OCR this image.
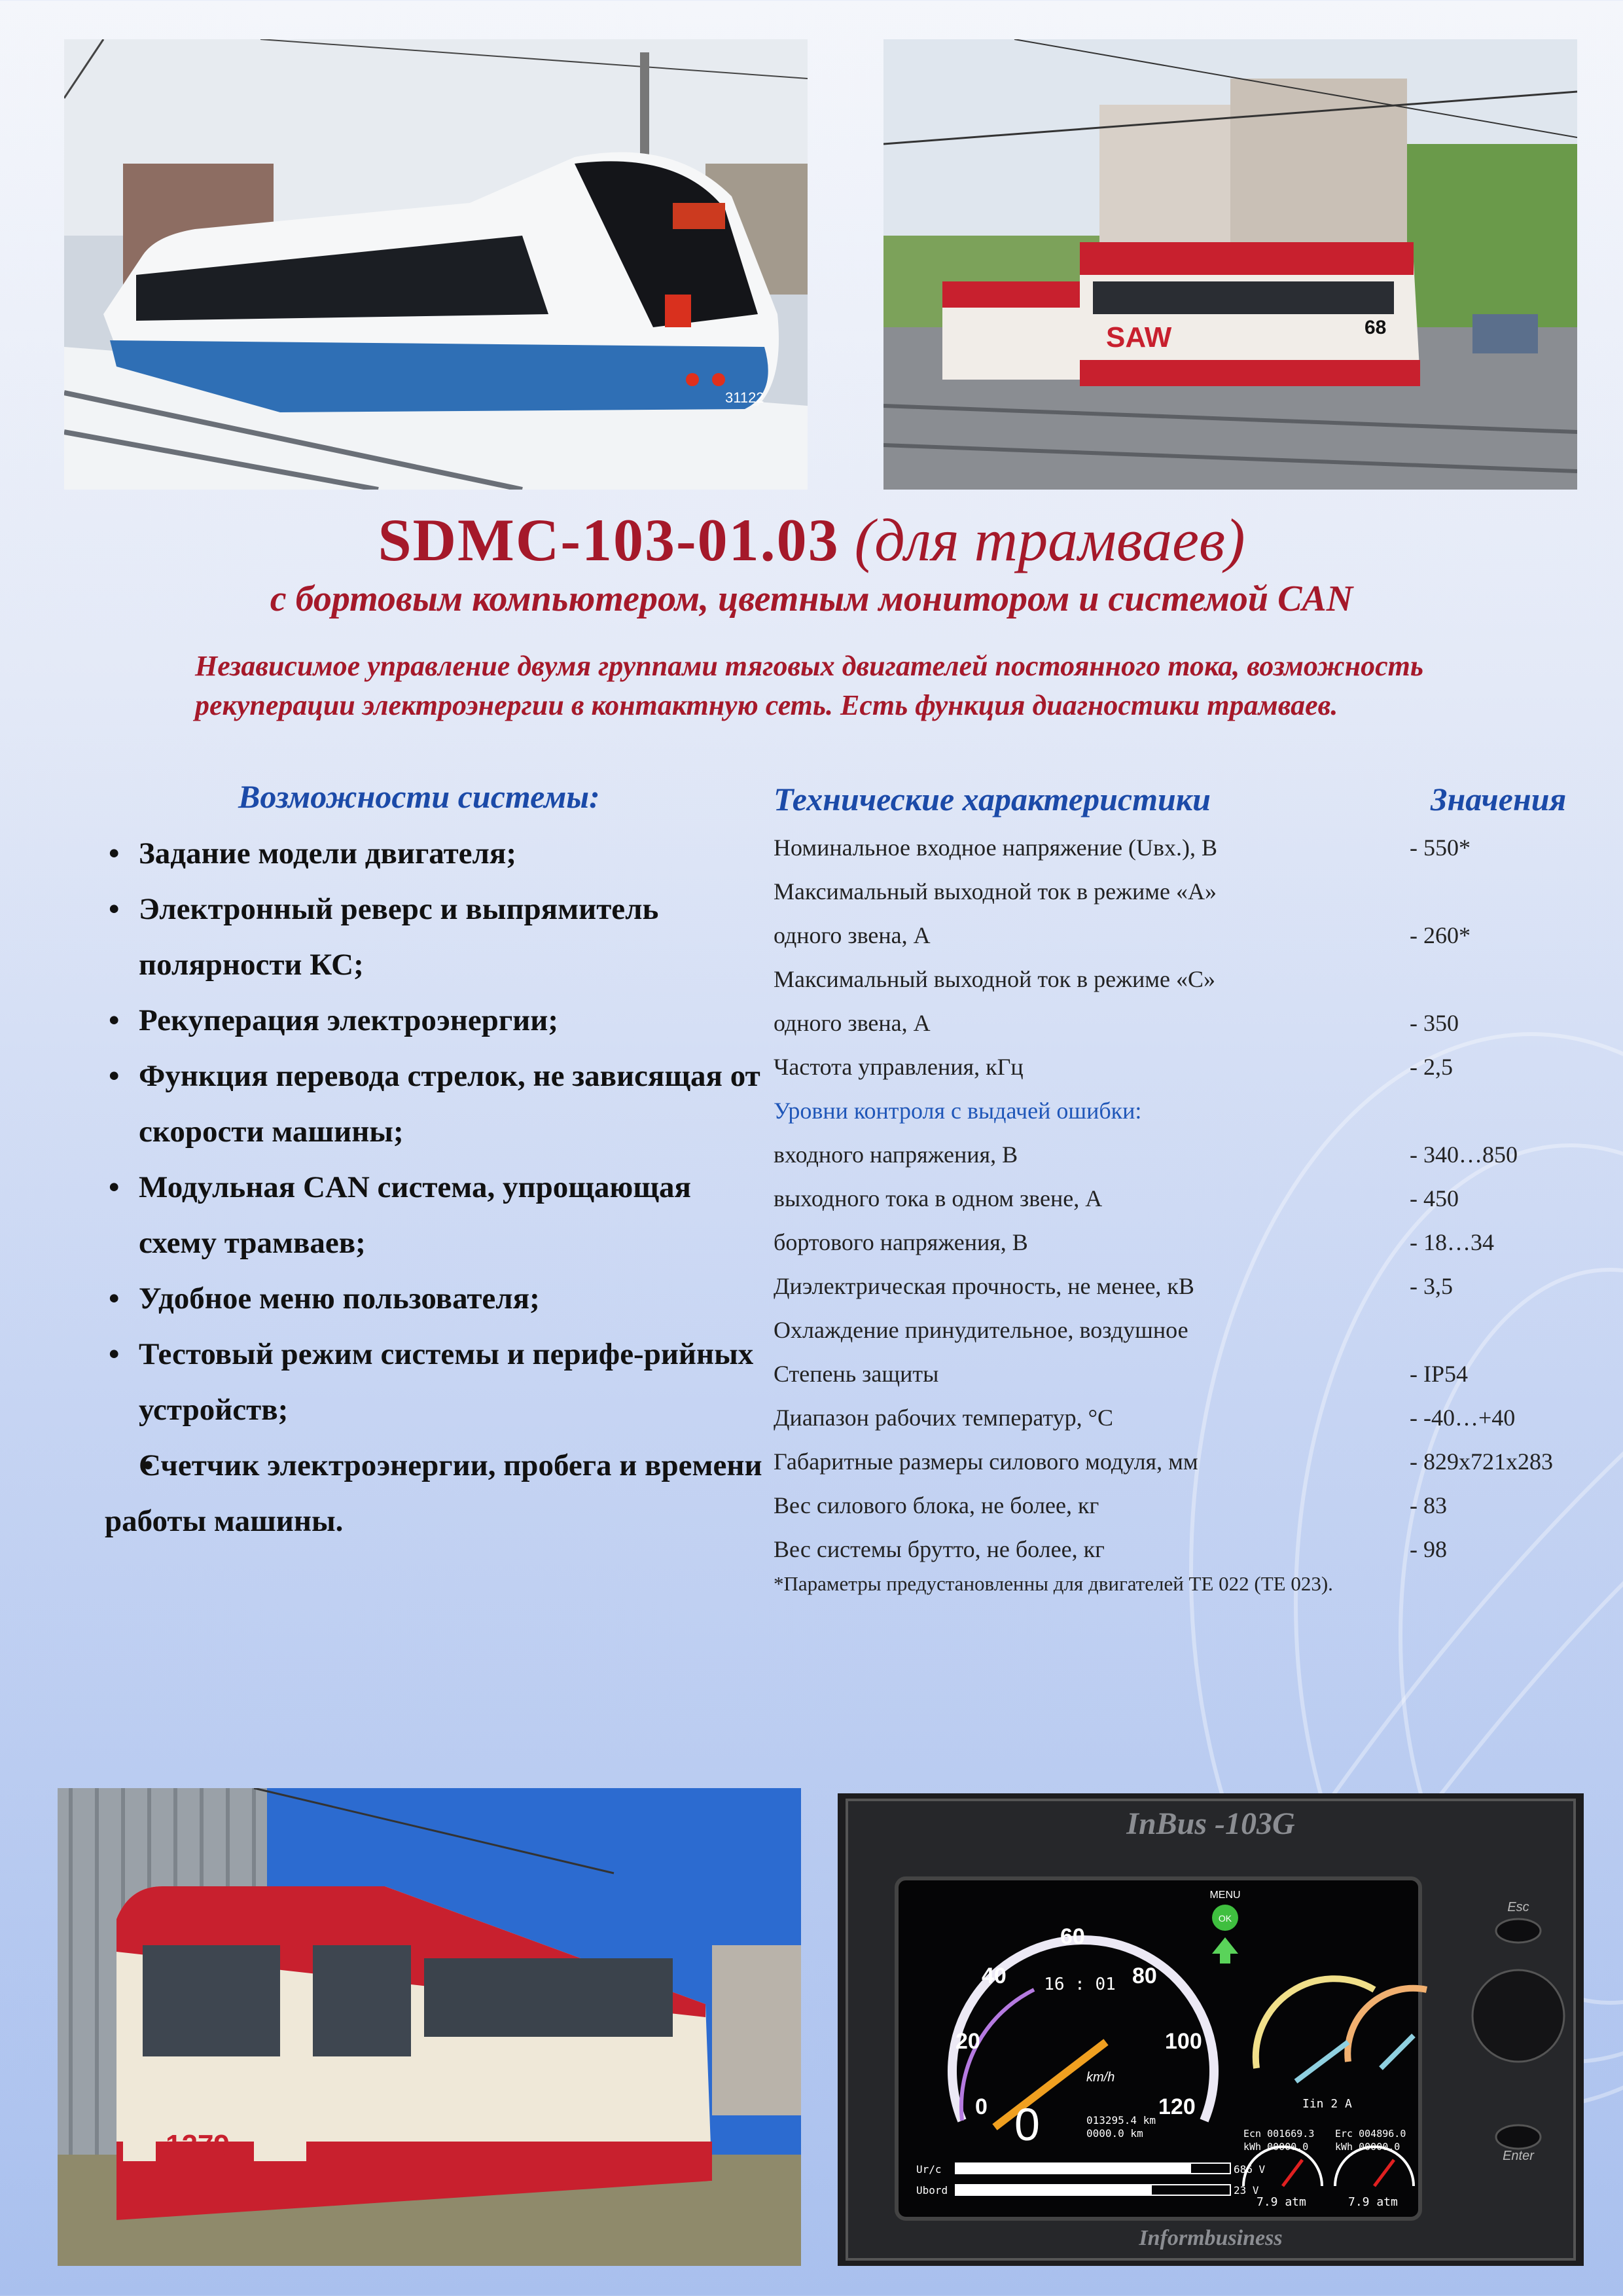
31122
SAW	68
SDMC-103-01.03 (для трамваев)
с бортовым компьютером, цветным монитором и системой CAN
Независимое управление двумя группами тяговых двигателей постоянного тока, возможность рекуперации электроэнергии в контактную сеть. Есть функция диагностики трамваев.
Возможности системы:
• Задание модели двигателя;
• Электронный реверс и выпрямитель полярности КС;
• Рекуперация электроэнергии;
• Функция перевода стрелок, не зависящая от скорости машины;
• Модульная CAN система, упрощающая схему трамваев;
• Удобное меню пользователя;
• Тестовый режим системы и перифе-рийных устройств;
• Счетчик электроэнергии, пробега и времени работы машины.
Технические характеристики	Значения
Номинальное входное напряжение (Uвх.), В	- 550*
Максимальный выходной ток в режиме «А»
одного звена, А	- 260*
Максимальный выходной ток в режиме «С»
одного звена, А	- 350
Частота управления, кГц	- 2,5
Уровни контроля с выдачей ошибки:
входного напряжения, В	- 340…850
выходного тока в одном звене, А	- 450
бортового напряжения, В	- 18…34
Диэлектрическая прочность, не менее, кВ	- 3,5
Охлаждение принудительное, воздушное
Степень защиты	- IP54
Диапазон рабочих температур, °С	- -40…+40
Габаритные размеры силового модуля, мм	- 829x721x283
Вес силового блока, не более, кг	- 83
Вес системы брутто, не более, кг	- 98
*Параметры предустановленны для двигателей ТЕ 022 (ТЕ 023).
1279
InBus -103G
Informbusiness
0
20
40
60
80
100
120
16 : 01
km/h
0	013295.4 km
0000.0 km
MENU
OK
Iin 2 A
Ecn 001669.3
kWh 00000.0
Erc 004896.0
kWh 00000.0
Ur/c	686 V
Ubord	23 V
7.9 atm	7.9 atm
Esc
Enter
